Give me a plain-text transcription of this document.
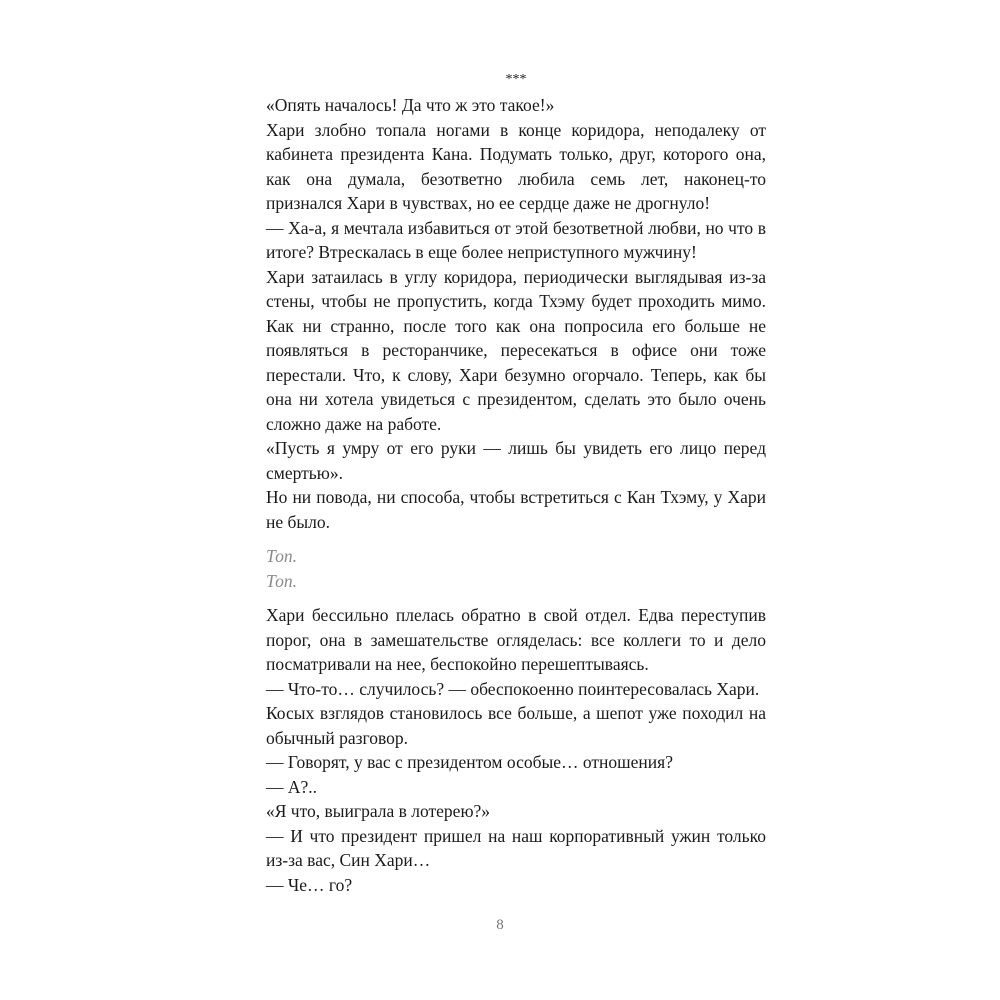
***

«Опять началось! Да что ж это такое!»

Хари злобно топала ногами в конце коридора, неподалеку от кабинета президента Кана. Подумать только, друг, которого она, как она думала, безответно любила семь лет, наконец-то признался Хари в чувствах, но ее сердце даже не дрогнуло!

— Ха-а, я мечтала избавиться от этой безответной любви, но что в итоге? Втрескалась в еще более неприступного мужчину!

Хари затаилась в углу коридора, периодически выглядывая из-за стены, чтобы не пропустить, когда Тхэму будет проходить мимо. Как ни странно, после того как она попросила его больше не появляться в ресторанчике, пересекаться в офисе они тоже перестали. Что, к слову, Хари безумно огорчало. Теперь, как бы она ни хотела увидеться с президентом, сделать это было очень сложно даже на работе.

«Пусть я умру от его руки — лишь бы увидеть его лицо перед смертью».

Но ни повода, ни способа, чтобы встретиться с Кан Тхэму, у Хари не было.

Топ.

Топ.

Хари бессильно плелась обратно в свой отдел. Едва переступив порог, она в замешательстве огляделась: все коллеги то и дело посматривали на нее, беспокойно перешептываясь.

— Что-то… случилось? — обеспокоенно поинтересовалась Хари.

Косых взглядов становилось все больше, а шепот уже походил на обычный разговор.

— Говорят, у вас с президентом особые… отношения?

— А?..

«Я что, выиграла в лотерею?»

— И что президент пришел на наш корпоративный ужин только из-за вас, Син Хари…

— Че… го?

8
